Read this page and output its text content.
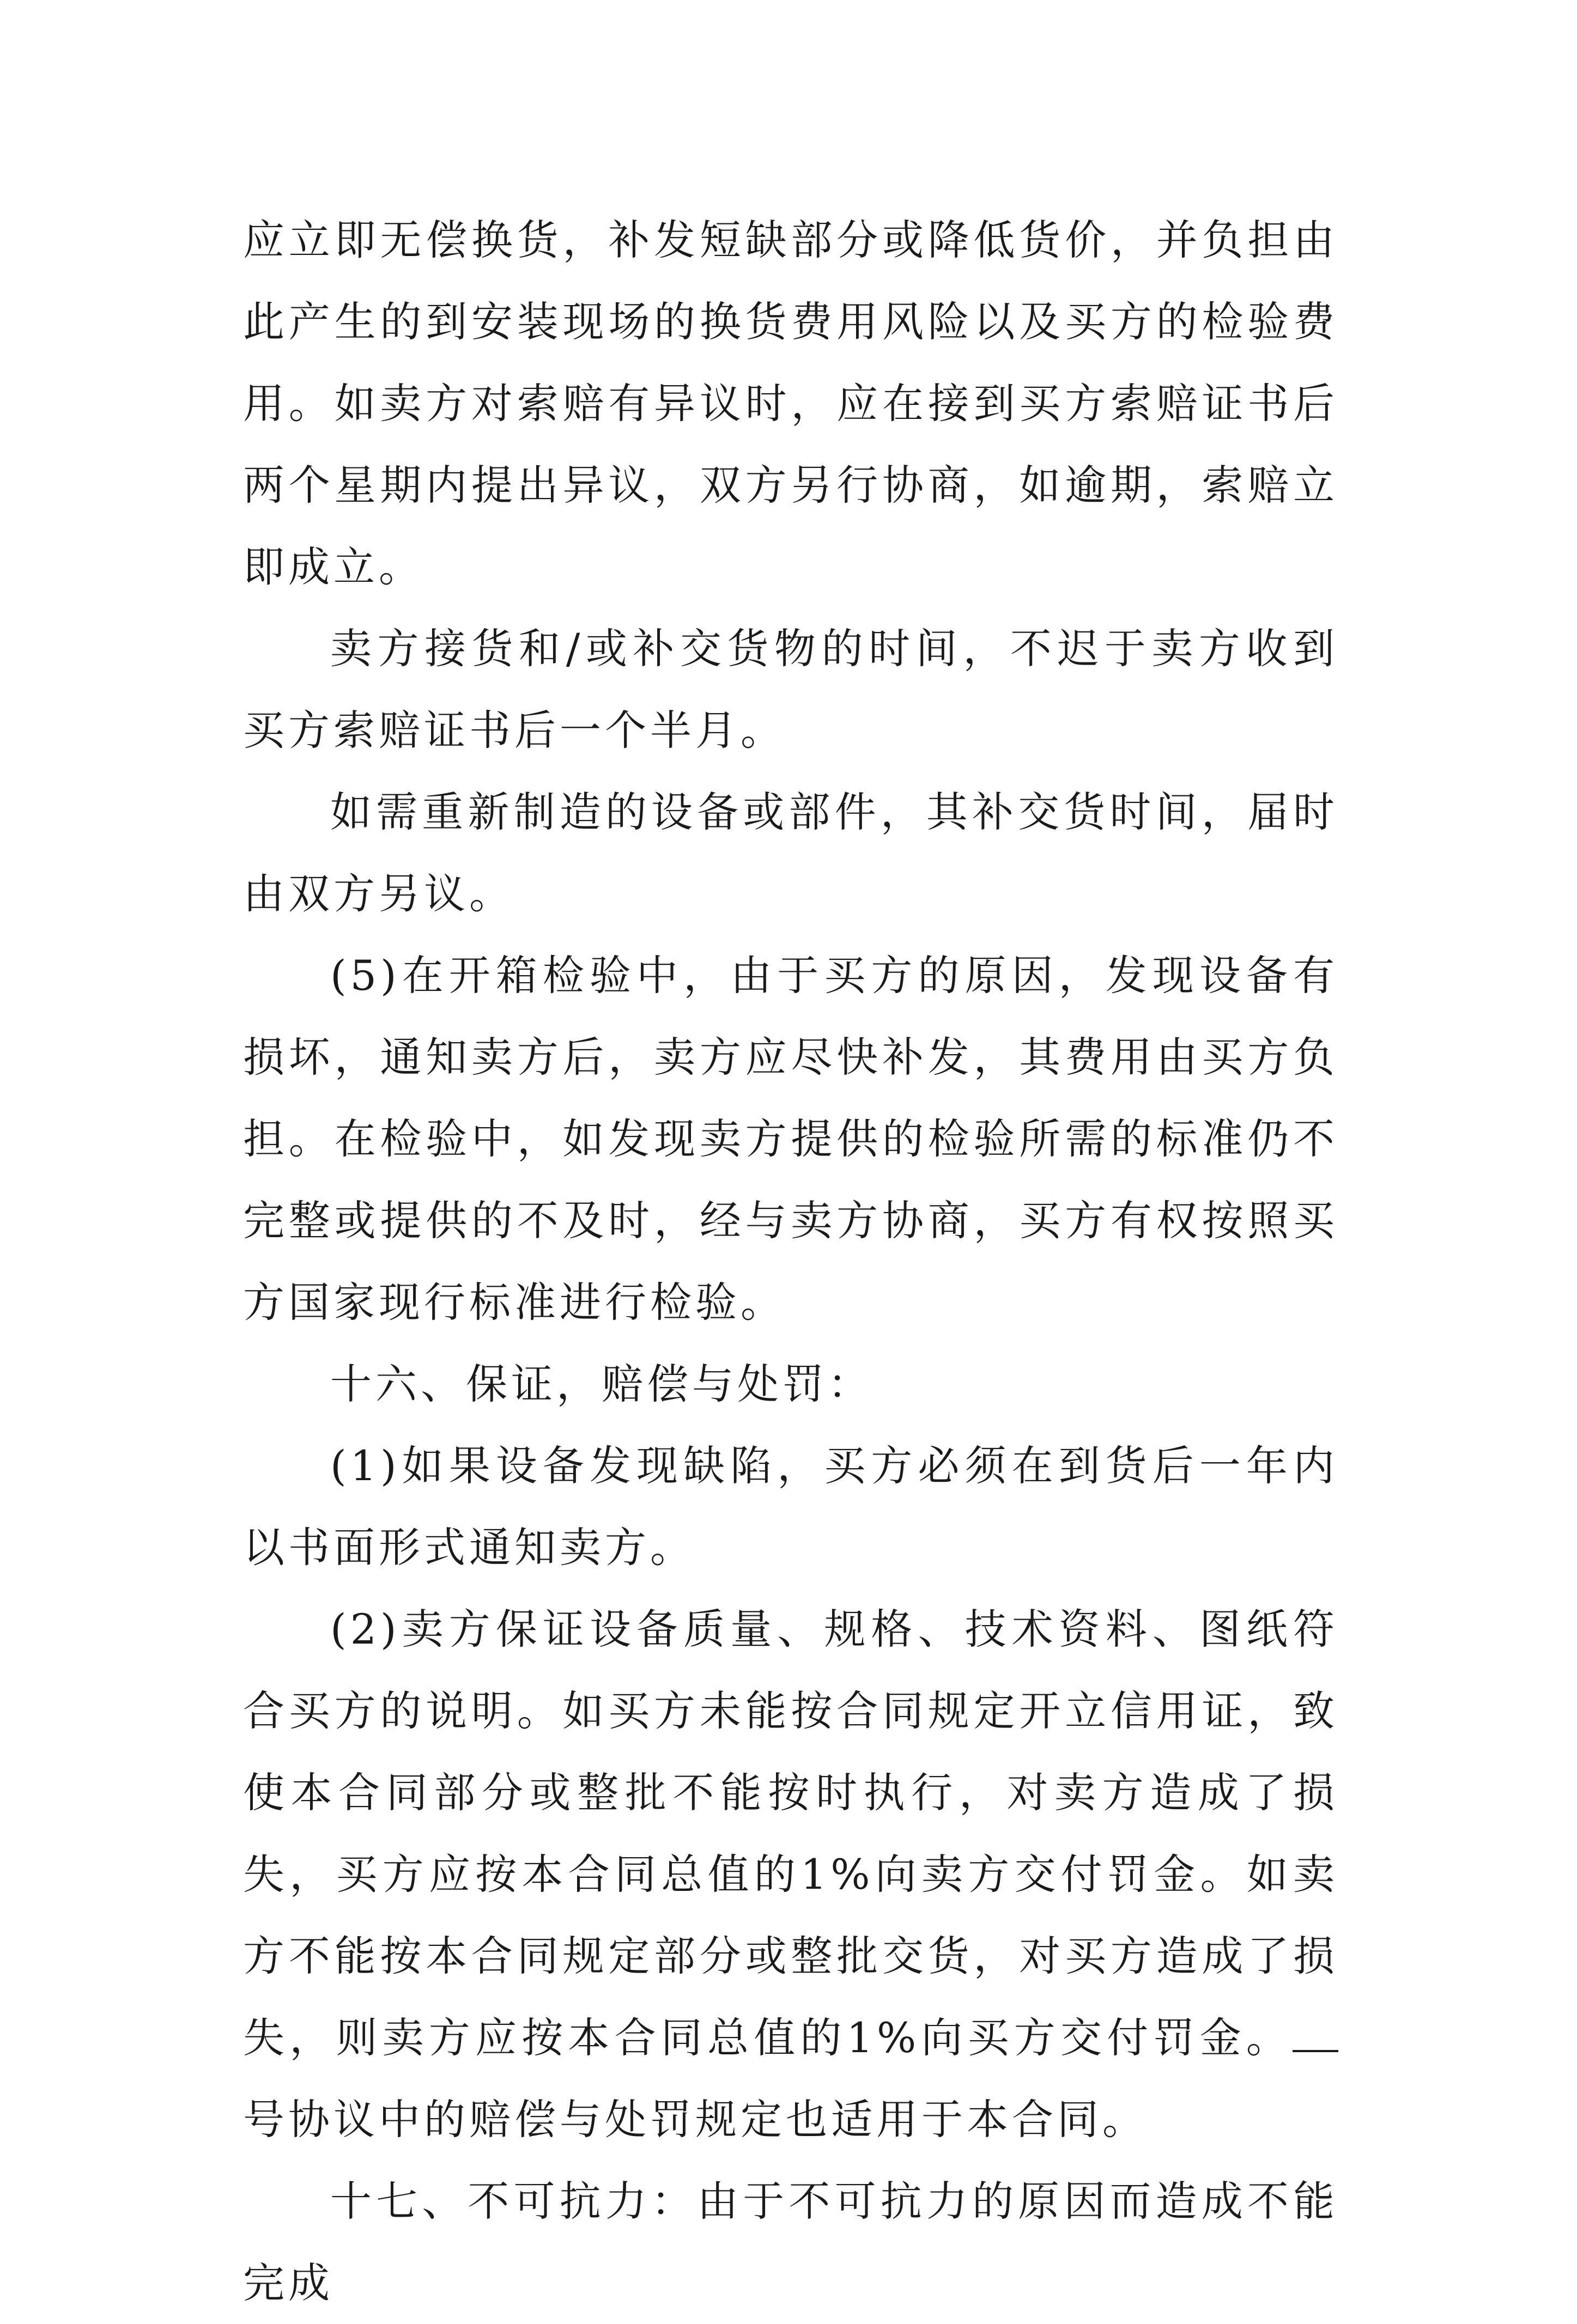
应立即无偿换货，补发短缺部分或降低货价，并负担由此产生的到安装现场的换货费用风险以及买方的检验费用。如卖方对索赔有异议时，应在接到买方索赔证书后两个星期内提出异议，双方另行协商，如逾期，索赔立即成立。

卖方接货和/或补交货物的时间，不迟于卖方收到买方索赔证书后一个半月。

如需重新制造的设备或部件，其补交货时间，届时由双方另议。

(5)在开箱检验中，由于买方的原因，发现设备有损坏，通知卖方后，卖方应尽快补发，其费用由买方负担。在检验中，如发现卖方提供的检验所需的标准仍不完整或提供的不及时，经与卖方协商，买方有权按照买方国家现行标准进行检验。

十六、保证，赔偿与处罚：

(1)如果设备发现缺陷，买方必须在到货后一年内以书面形式通知卖方。

(2)卖方保证设备质量、规格、技术资料、图纸符合买方的说明。如买方未能按合同规定开立信用证，致使本合同部分或整批不能按时执行，对卖方造成了损失，买方应按本合同总值的1%向卖方交付罚金。如卖方不能按本合同规定部分或整批交货，对买方造成了损失，则卖方应按本合同总值的1%向买方交付罚金。号协议中的赔偿与处罚规定也适用于本合同。

十七、不可抗力：由于不可抗力的原因而造成不能完成
